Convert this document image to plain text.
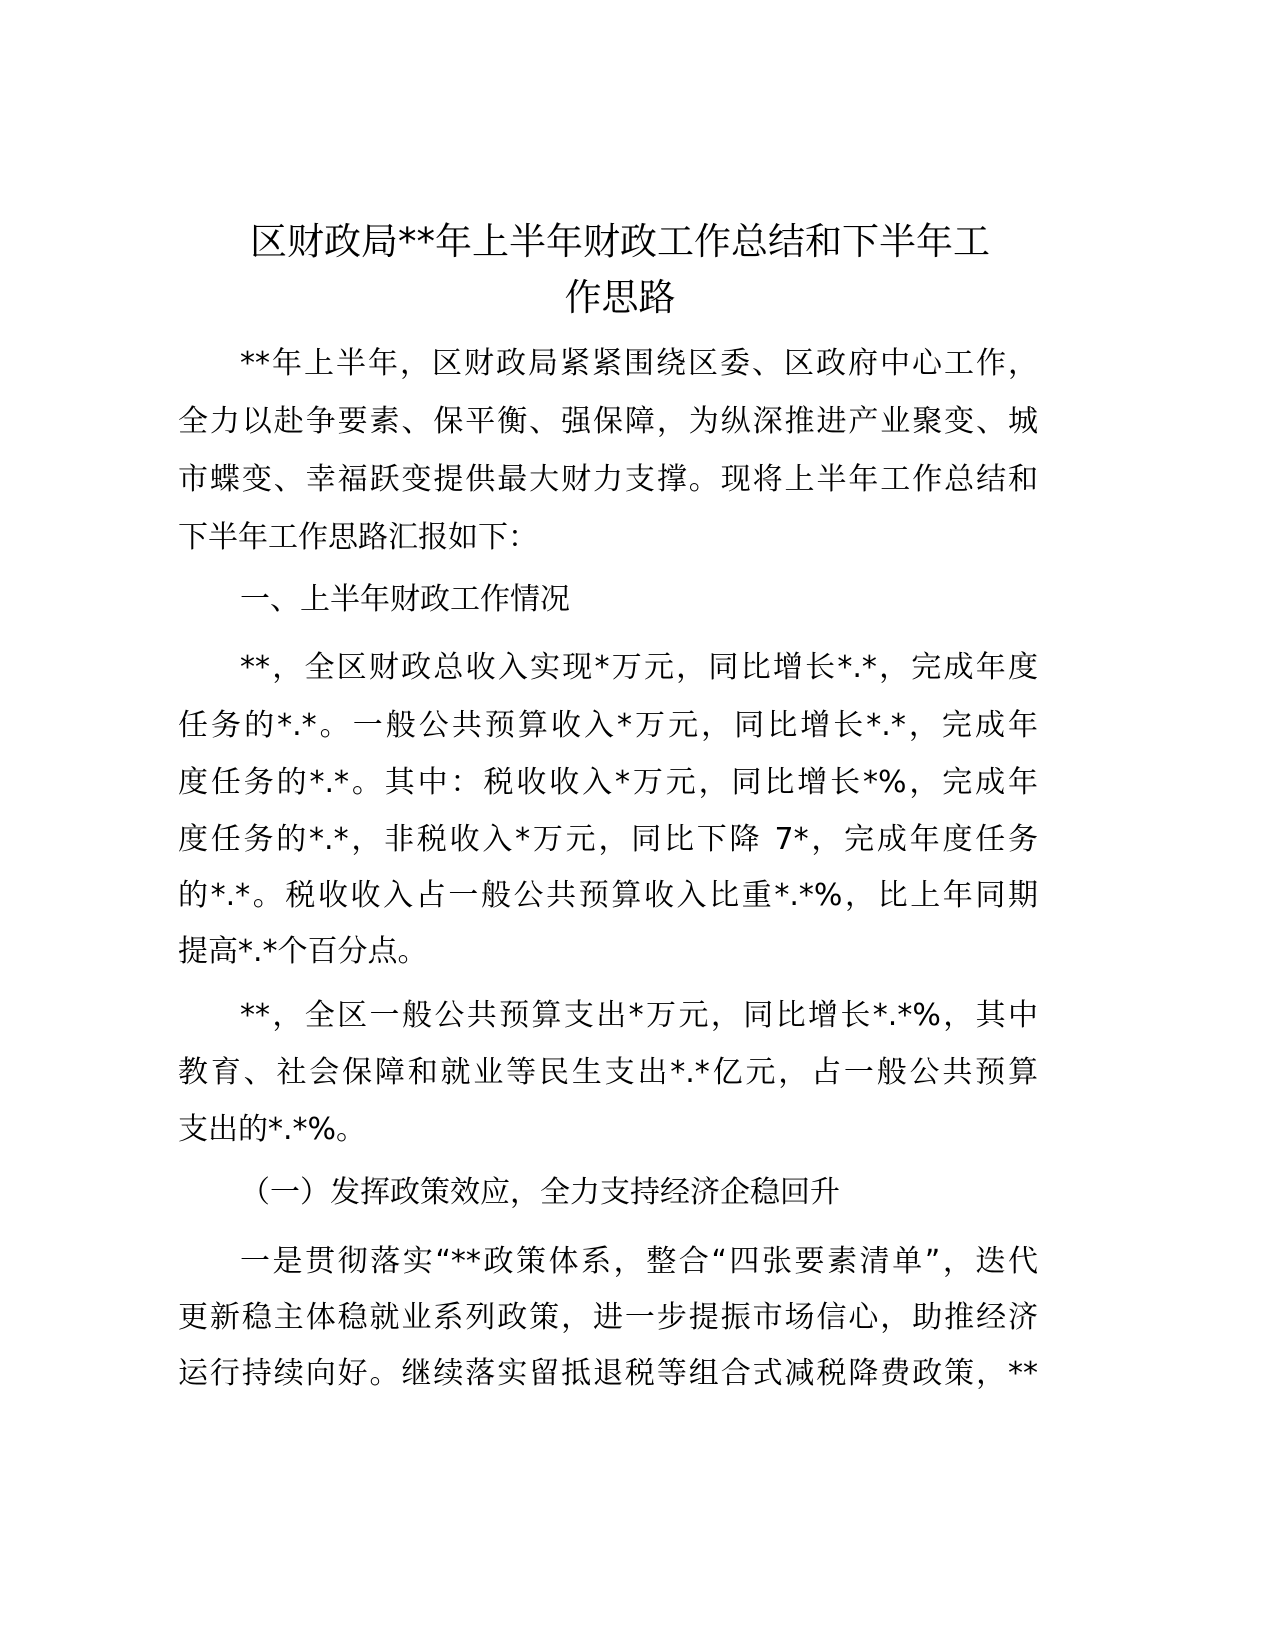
区财政局**年上半年财政工作总结和下半年工
作思路
**年上半年，区财政局紧紧围绕区委、区政府中心工作，
全力以赴争要素、保平衡、强保障，为纵深推进产业聚变、城
市蝶变、幸福跃变提供最大财力支撑。现将上半年工作总结和
下半年工作思路汇报如下：
一、上半年财政工作情况
**，全区财政总收入实现*万元，同比增长*.*，完成年度
任务的*.*。一般公共预算收入*万元，同比增长*.*，完成年
度任务的*.*。其中：税收收入*万元，同比增长*%，完成年
度任务的*.*，非税收入*万元，同比下降 7*，完成年度任务
的*.*。税收收入占一般公共预算收入比重*.*%，比上年同期
提高*.*个百分点。
**，全区一般公共预算支出*万元，同比增长*.*%，其中
教育、社会保障和就业等民生支出*.*亿元，占一般公共预算
支出的*.*%。
（一）发挥政策效应，全力支持经济企稳回升
一是贯彻落实“**政策体系，整合“四张要素清单”，迭代
更新稳主体稳就业系列政策，进一步提振市场信心，助推经济
运行持续向好。继续落实留抵退税等组合式减税降费政策，**
